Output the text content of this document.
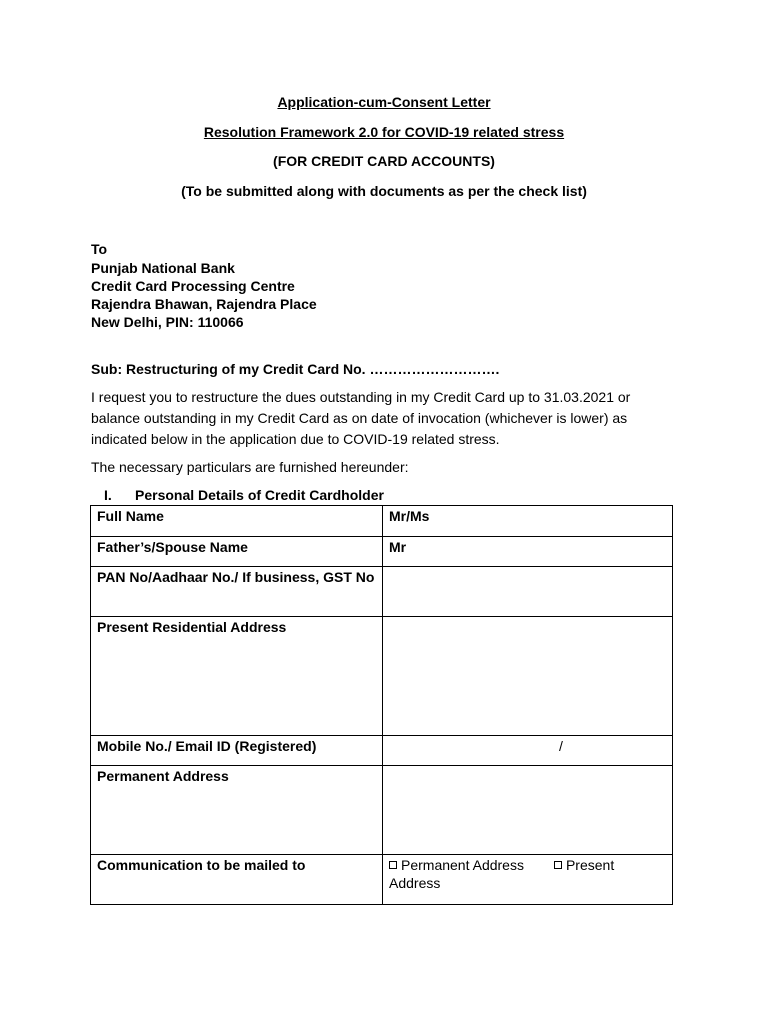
Application-cum-Consent Letter
Resolution Framework 2.0 for COVID-19 related stress
(FOR CREDIT CARD ACCOUNTS)
(To be submitted along with documents as per the check list)
To
Punjab National Bank
Credit Card Processing Centre
Rajendra Bhawan, Rajendra Place
New Delhi, PIN: 110066
Sub: Restructuring of my Credit Card No. ……………………….
I request you to restructure the dues outstanding in my Credit Card up to 31.03.2021 or
balance outstanding in my Credit Card as on date of invocation (whichever is lower) as
indicated below in the application due to COVID-19 related stress.
The necessary particulars are furnished hereunder:
I. Personal Details of Credit Cardholder
Full Name	Mr/Ms
Father’s/Spouse Name	Mr
PAN No/Aadhaar No./ If business, GST No	
Present Residential Address	
Mobile No./ Email ID (Registered)	/
Permanent Address	
Communication to be mailed to	Permanent Address Present Address
